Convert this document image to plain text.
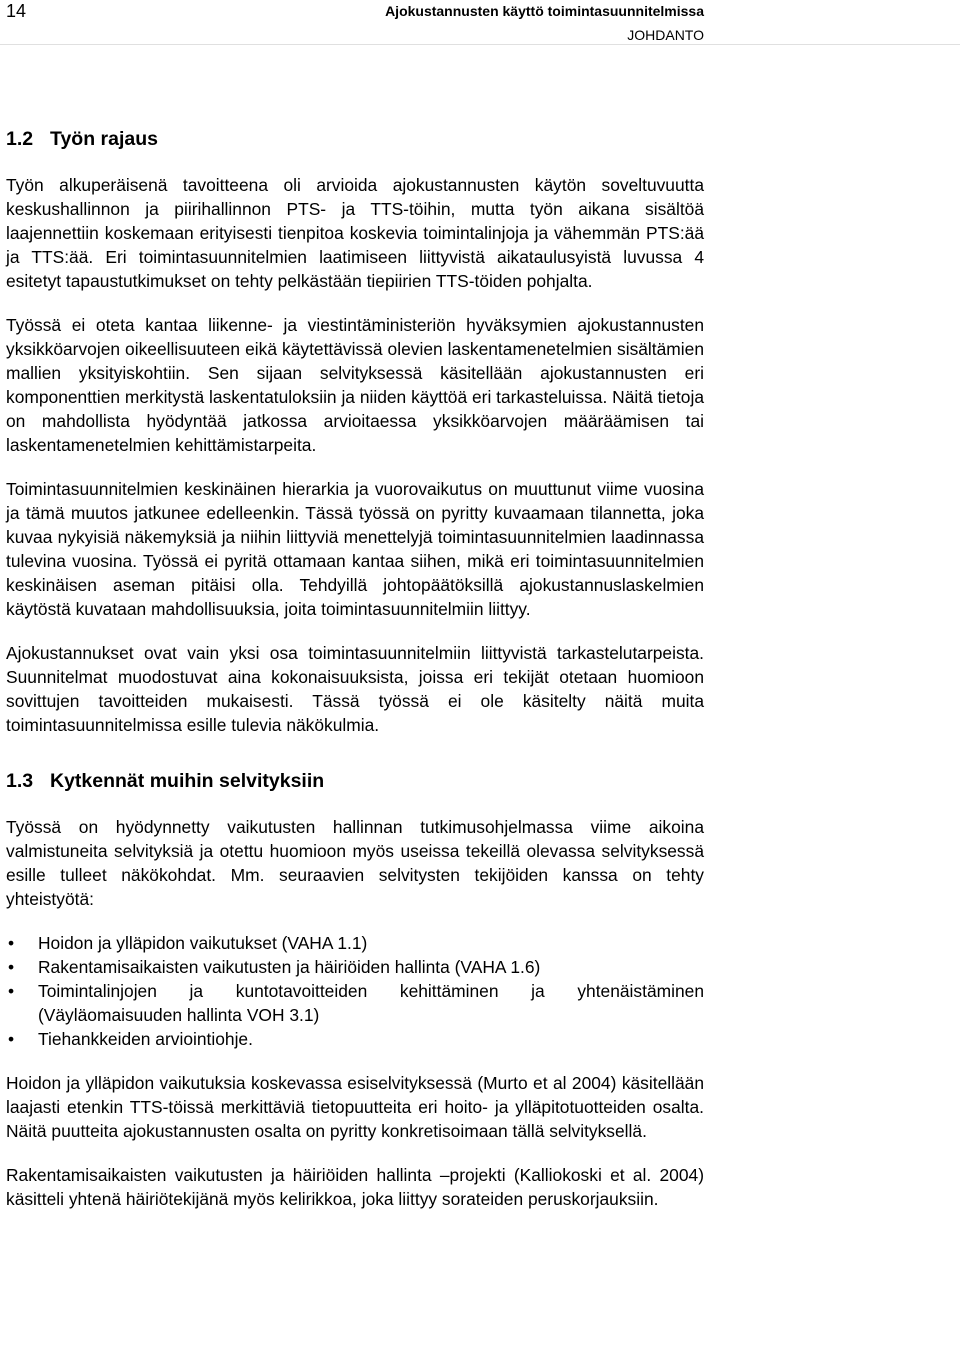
14	Ajokustannusten käyttö toimintasuunnitelmissa
JOHDANTO
1.2 Työn rajaus

Työn alkuperäisenä tavoitteena oli arvioida ajokustannusten käytön soveltuvuutta keskushallinnon ja piirihallinnon PTS- ja TTS-töihin, mutta työn aikana sisältöä laajennettiin koskemaan erityisesti tienpitoa koskevia toimintalinjoja ja vähemmän PTS:ää ja TTS:ää. Eri toimintasuunnitelmien laatimiseen liittyvistä aikataulusyistä luvussa 4 esitetyt tapaustutkimukset on tehty pelkästään tiepiirien TTS-töiden pohjalta.

Työssä ei oteta kantaa liikenne- ja viestintäministeriön hyväksymien ajokustannusten yksikköarvojen oikeellisuuteen eikä käytettävissä olevien laskentamenetelmien sisältämien mallien yksityiskohtiin. Sen sijaan selvityksessä käsitellään ajokustannusten eri komponenttien merkitystä laskentatuloksiin ja niiden käyttöä eri tarkasteluissa. Näitä tietoja on mahdollista hyödyntää jatkossa arvioitaessa yksikköarvojen määräämisen tai laskentamenetelmien kehittämistarpeita.

Toimintasuunnitelmien keskinäinen hierarkia ja vuorovaikutus on muuttunut viime vuosina ja tämä muutos jatkunee edelleenkin. Tässä työssä on pyritty kuvaamaan tilannetta, joka kuvaa nykyisiä näkemyksiä ja niihin liittyviä menettelyjä toimintasuunnitelmien laadinnassa tulevina vuosina. Työssä ei pyritä ottamaan kantaa siihen, mikä eri toimintasuunnitelmien keskinäisen aseman pitäisi olla. Tehdyillä johtopäätöksillä ajokustannuslaskelmien käytöstä kuvataan mahdollisuuksia, joita toimintasuunnitelmiin liittyy.

Ajokustannukset ovat vain yksi osa toimintasuunnitelmiin liittyvistä tarkastelutarpeista. Suunnitelmat muodostuvat aina kokonaisuuksista, joissa eri tekijät otetaan huomioon sovittujen tavoitteiden mukaisesti. Tässä työssä ei ole käsitelty näitä muita toimintasuunnitelmissa esille tulevia näkökulmia.

1.3 Kytkennät muihin selvityksiin

Työssä on hyödynnetty vaikutusten hallinnan tutkimusohjelmassa viime aikoina valmistuneita selvityksiä ja otettu huomioon myös useissa tekeillä olevassa selvityksessä esille tulleet näkökohdat. Mm. seuraavien selvitysten tekijöiden kanssa on tehty yhteistyötä:

• Hoidon ja ylläpidon vaikutukset (VAHA 1.1)
• Rakentamisaikaisten vaikutusten ja häiriöiden hallinta (VAHA 1.6)
• Toimintalinjojen ja kuntotavoitteiden kehittäminen ja yhtenäistäminen (Väyläomaisuuden hallinta VOH 3.1)
• Tiehankkeiden arviointiohje.

Hoidon ja ylläpidon vaikutuksia koskevassa esiselvityksessä (Murto et al 2004) käsitellään laajasti etenkin TTS-töissä merkittäviä tietopuutteita eri hoito- ja ylläpitotuotteiden osalta. Näitä puutteita ajokustannusten osalta on pyritty konkretisoimaan tällä selvityksellä.

Rakentamisaikaisten vaikutusten ja häiriöiden hallinta –projekti (Kalliokoski et al. 2004) käsitteli yhtenä häiriötekijänä myös kelirikkoa, joka liittyy sorateiden peruskorjauksiin.
